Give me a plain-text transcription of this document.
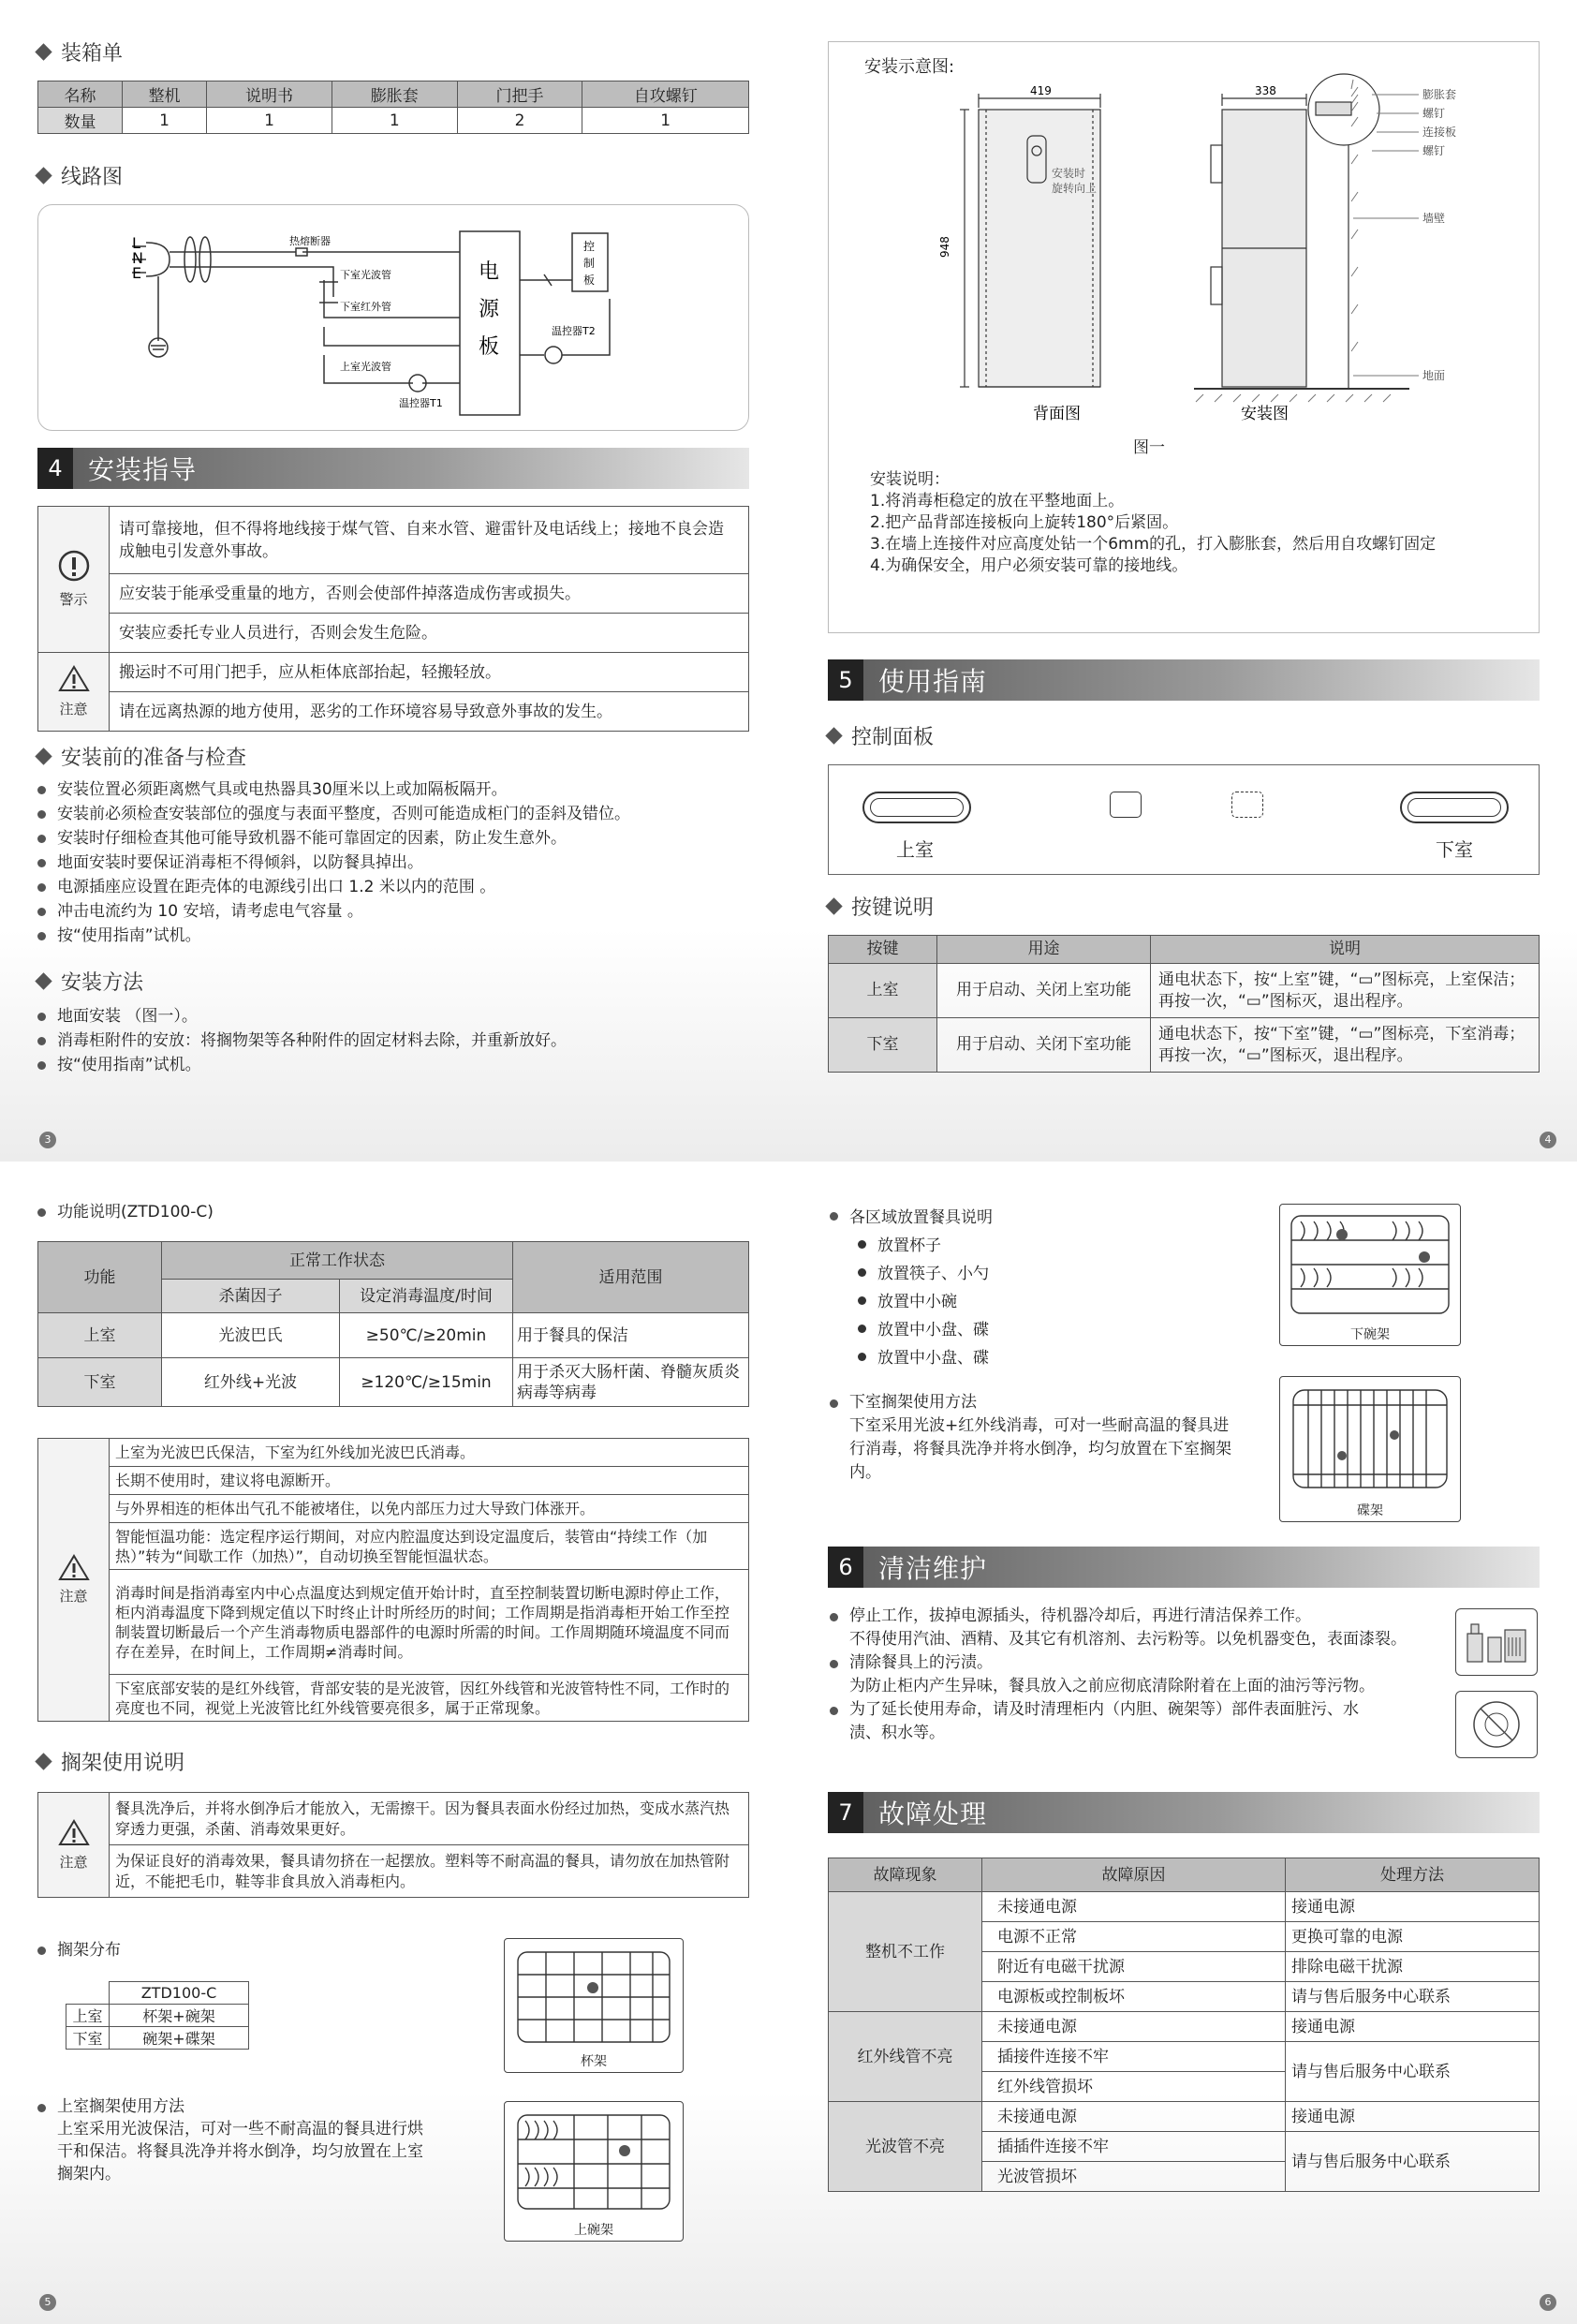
装箱单
名称	整机	说明书	膨胀套	门把手	自攻螺钉
数量	1	1	1	2	1
线路图
L
N
E
热熔断器
下室光波管
下室红外管
上室光波管
温控器T1
温控器T2
电
源
板
控
制
板
4 安装指导
警示	请可靠接地，但不得将地线接于煤气管、自来水管、避雷针及电话线上；接地不良会造成触电引发意外事故。
	应安装于能承受重量的地方，否则会使部件掉落造成伤害或损失。
	安装应委托专业人员进行，否则会发生危险。

注意	搬运时不可用门把手，应从柜体底部抬起，轻搬轻放。
	请在远离热源的地方使用，恶劣的工作环境容易导致意外事故的发生。
安装前的准备与检查
安装位置必须距离燃气具或电热器具30厘米以上或加隔板隔开。
安装前必须检查安装部位的强度与表面平整度，否则可能造成柜门的歪斜及错位。
安装时仔细检查其他可能导致机器不能可靠固定的因素，防止发生意外。
地面安装时要保证消毒柜不得倾斜，以防餐具掉出。
电源插座应设置在距壳体的电源线引出口 1.2 米以内的范围 。
冲击电流约为 10 安培，请考虑电气容量 。
按“使用指南”试机。
安装方法
地面安装 （图一）。
消毒柜附件的安放：将搁物架等各种附件的固定材料去除，并重新放好。
按“使用指南”试机。
3
安装示意图:
419	338
948
安装时
旋转向上
膨胀套
螺钉
连接板
螺钉
墙壁
地面
背面图	安装图
图一
安装说明：
1.将消毒柜稳定的放在平整地面上。
2.把产品背部连接板向上旋转180°后紧固。
3.在墙上连接件对应高度处钻一个6mm的孔，打入膨胀套，然后用自攻螺钉固定
4.为确保安全，用户必须安装可靠的接地线。
5 使用指南
控制面板
上室	下室
按键说明
按键	用途	说明
上室	用于启动、关闭上室功能	通电状态下，按“上室”键，“▭”图标亮，上室保洁；再按一次，“▭”图标灭，退出程序。
下室	用于启动、关闭下室功能	通电状态下，按“下室”键，“▭”图标亮，下室消毒；再按一次，“▭”图标灭，退出程序。
4
功能说明(ZTD100-C)
功能	正常工作状态		适用范围
	杀菌因子	设定消毒温度/时间	
上室	光波巴氏	≥50℃/≥20min	用于餐具的保洁
下室	红外线+光波	≥120℃/≥15min	用于杀灭大肠杆菌、脊髓灰质炎病毒等病毒
注意
	上室为光波巴氏保洁，下室为红外线加光波巴氏消毒。
长期不使用时，建议将电源断开。
与外界相连的柜体出气孔不能被堵住，以免内部压力过大导致门体涨开。
智能恒温功能：选定程序运行期间，对应内腔温度达到设定温度后，装管由“持续工作（加热）”转为“间歇工作（加热）”，自动切换至智能恒温状态。
消毒时间是指消毒室内中心点温度达到规定值开始计时，直至控制装置切断电源时停止工作，柜内消毒温度下降到规定值以下时终止计时所经历的时间；工作周期是指消毒柜开始工作至控制装置切断最后一个产生消毒物质电器部件的电源时所需的时间。工作周期随环境温度不同而存在差异，在时间上，工作周期≠消毒时间。
下室底部安装的是红外线管，背部安装的是光波管，因红外线管和光波管特性不同，工作时的亮度也不同，视觉上光波管比红外线管要亮很多，属于正常现象。
搁架使用说明
注意
	餐具洗净后，并将水倒净后才能放入，无需擦干。因为餐具表面水份经过加热，变成水蒸汽热穿透力更强，杀菌、消毒效果更好。
为保证良好的消毒效果，餐具请勿挤在一起摆放。塑料等不耐高温的餐具，请勿放在加热管附近，不能把毛巾，鞋等非食具放入消毒柜内。
搁架分布
	ZTD100-C
上室	杯架+碗架
下室	碗架+碟架
杯架
上室搁架使用方法
上室采用光波保洁，可对一些不耐高温的餐具进行烘干和保洁。将餐具洗净并将水倒净，均匀放置在上室搁架内。
上碗架
5
各区域放置餐具说明
放置杯子
放置筷子、小勺
放置中小碗
放置中小盘、碟
放置中小盘、碟
下碗架
下室搁架使用方法
下室采用光波+红外线消毒，可对一些耐高温的餐具进行消毒，将餐具洗净并将水倒净，均匀放置在下室搁架内。
碟架
6 清洁维护
停止工作，拔掉电源插头，待机器冷却后，再进行清洁保养工作。
不得使用汽油、酒精、及其它有机溶剂、去污粉等。以免机器变色，表面漆裂。
清除餐具上的污渍。
为防止柜内产生异味，餐具放入之前应彻底清除附着在上面的油污等污物。
为了延长使用寿命，请及时清理柜内（内胆、碗架等）部件表面脏污、水渍、积水等。
7 故障处理
故障现象	故障原因	处理方法
整机不工作	未接通电源	接通电源
	电源不正常	更换可靠的电源
	附近有电磁干扰源	排除电磁干扰源
	电源板或控制板坏	请与售后服务中心联系
红外线管不亮	未接通电源	接通电源
	插接件连接不牢	请与售后服务中心联系
	红外线管损坏	
光波管不亮	未接通电源	接通电源
	插插件连接不牢	请与售后服务中心联系
	光波管损坏	
6
